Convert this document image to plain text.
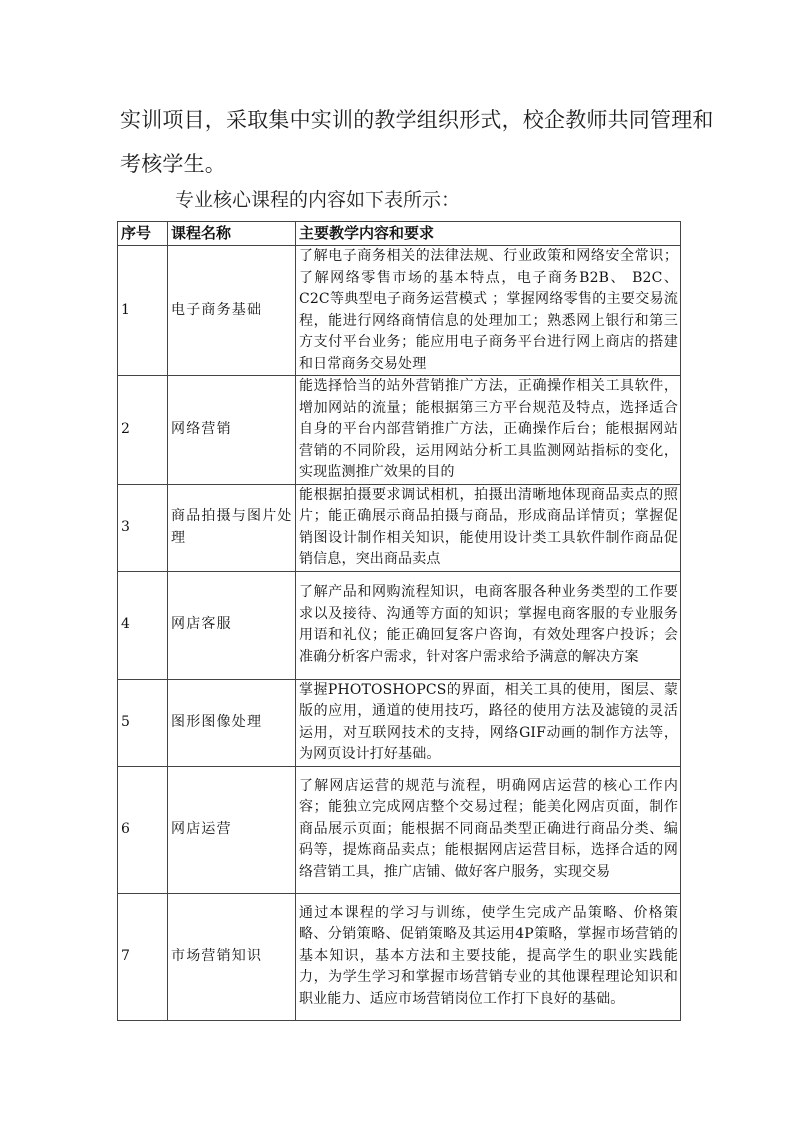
实训项目，采取集中实训的教学组织形式，校企教师共同管理和
考核学生。
专业核心课程的内容如下表所示：
序号	课程名称	主要教学内容和要求
1	电子商务基础	了解电子商务相关的法律法规、行业政策和网络安全常识；了解网络零售市场的基本特点，电子商务B2B、 B2C、 C2C等典型电子商务运营模式 ；掌握网络零售的主要交易流程，能进行网络商情信息的处理加工；熟悉网上银行和第三方支付平台业务；能应用电子商务平台进行网上商店的搭建和日常商务交易处理
2	网络营销	能选择恰当的站外营销推广方法，正确操作相关工具软件，增加网站的流量；能根据第三方平台规范及特点，选择适合自身的平台内部营销推广方法，正确操作后台；能根据网站营销的不同阶段，运用网站分析工具监测网站指标的变化，实现监测推广效果的目的
3	商品拍摄与图片处理	能根据拍摄要求调试相机，拍摄出清晰地体现商品卖点的照片；能正确展示商品拍摄与商品，形成商品详情页；掌握促销图设计制作相关知识，能使用设计类工具软件制作商品促销信息，突出商品卖点
4	网店客服	了解产品和网购流程知识，电商客服各种业务类型的工作要求以及接待、沟通等方面的知识；掌握电商客服的专业服务用语和礼仪；能正确回复客户咨询，有效处理客户投诉；会准确分析客户需求，针对客户需求给予满意的解决方案
5	图形图像处理	掌握PHOTOSHOPCS的界面，相关工具的使用，图层、蒙版的应用，通道的使用技巧，路径的使用方法及滤镜的灵活运用，对互联网技术的支持，网络GIF动画的制作方法等，为网页设计打好基础。
6	网店运营	了解网店运营的规范与流程，明确网店运营的核心工作内容；能独立完成网店整个交易过程；能美化网店页面，制作商品展示页面；能根据不同商品类型正确进行商品分类、编码等，提炼商品卖点；能根据网店运营目标，选择合适的网络营销工具，推广店铺、做好客户服务，实现交易
7	市场营销知识	通过本课程的学习与训练，使学生完成产品策略、价格策略、分销策略、促销策略及其运用4P策略，掌握市场营销的基本知识，基本方法和主要技能，提高学生的职业实践能力，为学生学习和掌握市场营销专业的其他课程理论知识和职业能力、适应市场营销岗位工作打下良好的基础。
